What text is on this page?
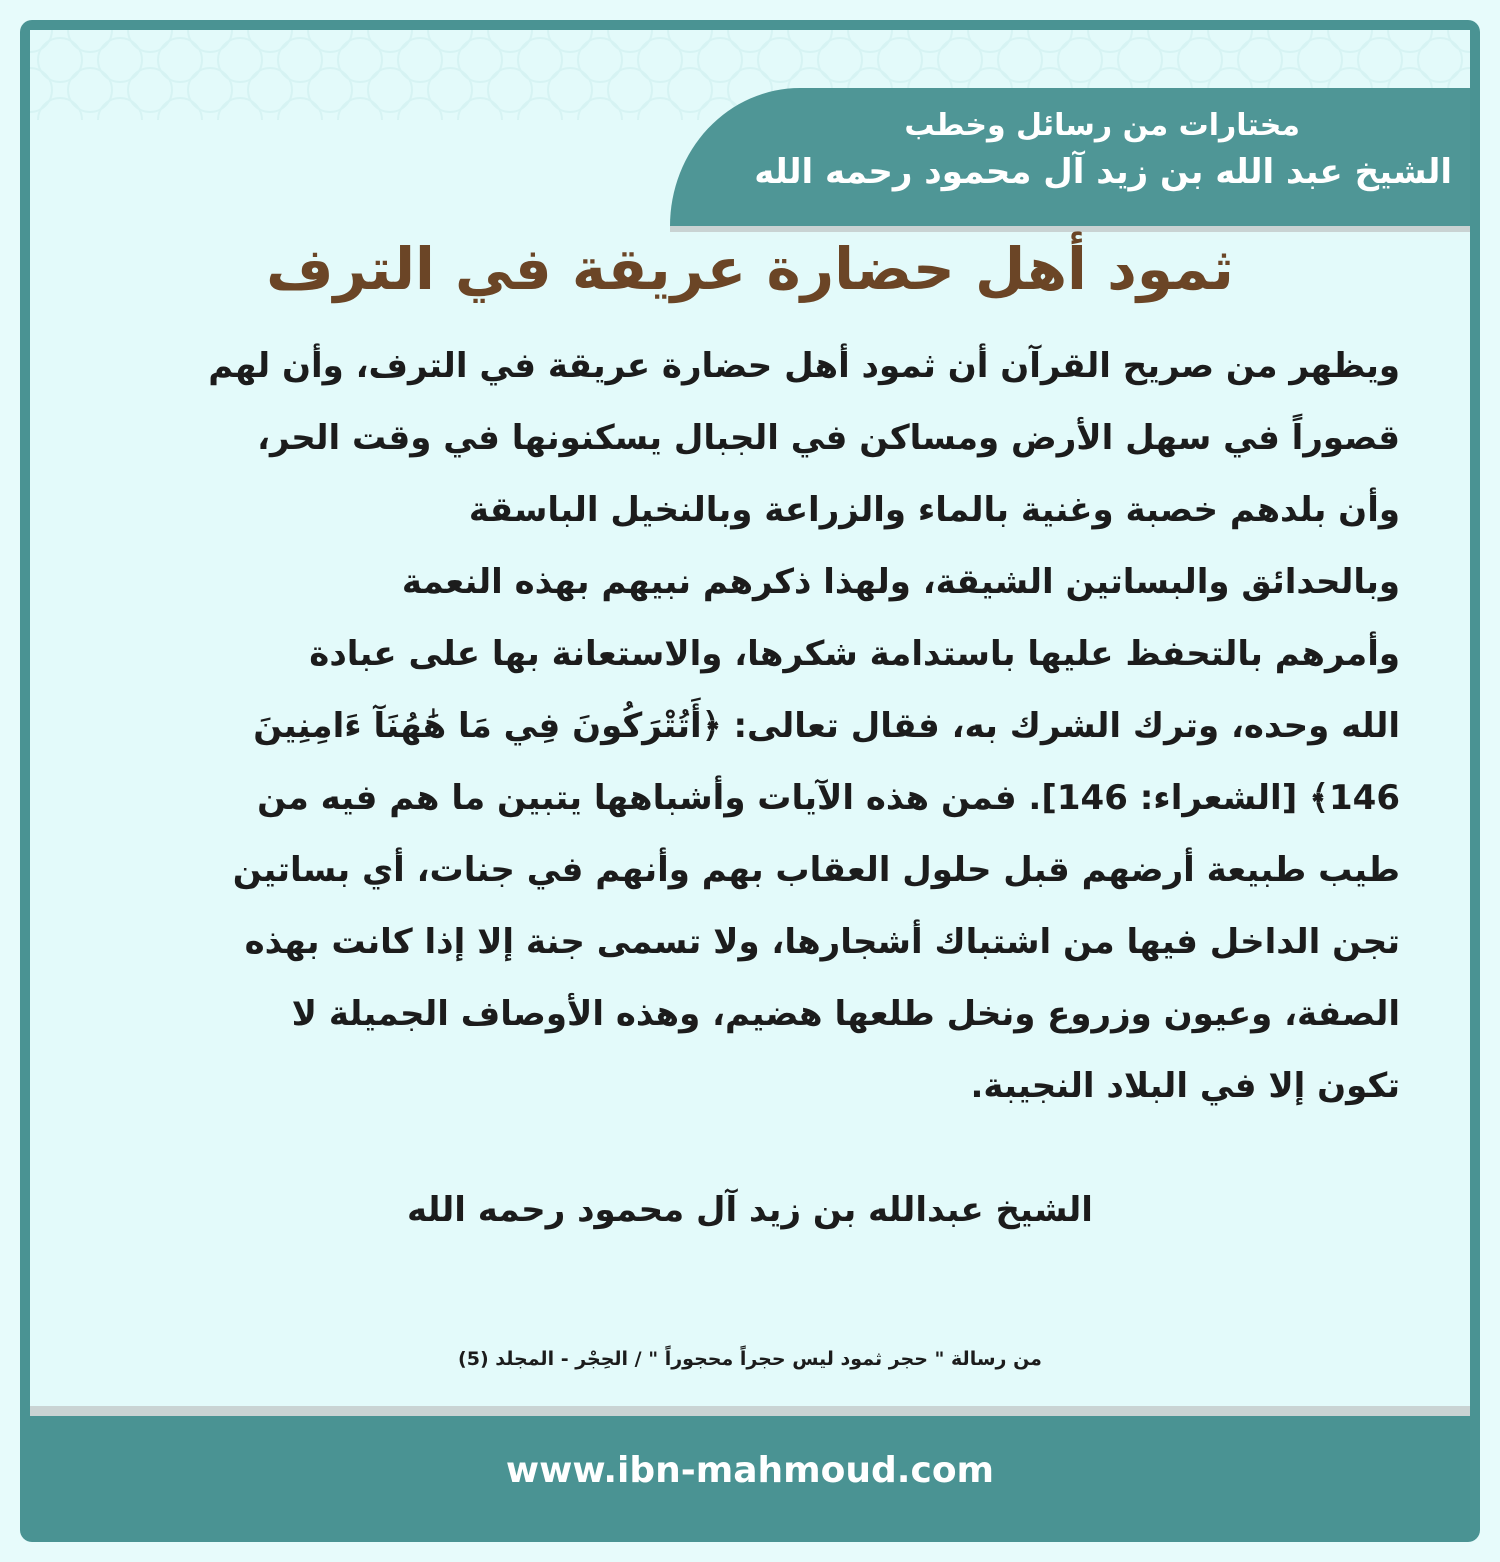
مختارات من رسائل وخطب
الشيخ عبد الله بن زيد آل محمود رحمه الله
ثمود أهل حضارة عريقة في الترف
ويظهر من صريح القرآن أن ثمود أهل حضارة عريقة في الترف، وأن لهم
قصوراً في سهل الأرض ومساكن في الجبال يسكنونها في وقت الحر،
وأن بلدهم خصبة وغنية بالماء والزراعة وبالنخيل الباسقة
وبالحدائق والبساتين الشيقة، ولهذا ذكرهم نبيهم بهذه النعمة
وأمرهم بالتحفظ عليها باستدامة شكرها، والاستعانة بها على عبادة
الله وحده، وترك الشرك به، فقال تعالى: ﴿أَتُتْرَكُونَ فِي مَا هَٰهُنَآ ءَامِنِينَ
146﴾ [الشعراء: 146]. فمن هذه الآيات وأشباهها يتبين ما هم فيه من
طيب طبيعة أرضهم قبل حلول العقاب بهم وأنهم في جنات، أي بساتين
تجن الداخل فيها من اشتباك أشجارها، ولا تسمى جنة إلا إذا كانت بهذه
الصفة، وعيون وزروع ونخل طلعها هضيم، وهذه الأوصاف الجميلة لا
تكون إلا في البلاد النجيبة.
الشيخ عبدالله بن زيد آل محمود رحمه الله
من رسالة " حجر ثمود ليس حجراً محجوراً " / الحِجْر - المجلد (5)
www.ibn-mahmoud.com
